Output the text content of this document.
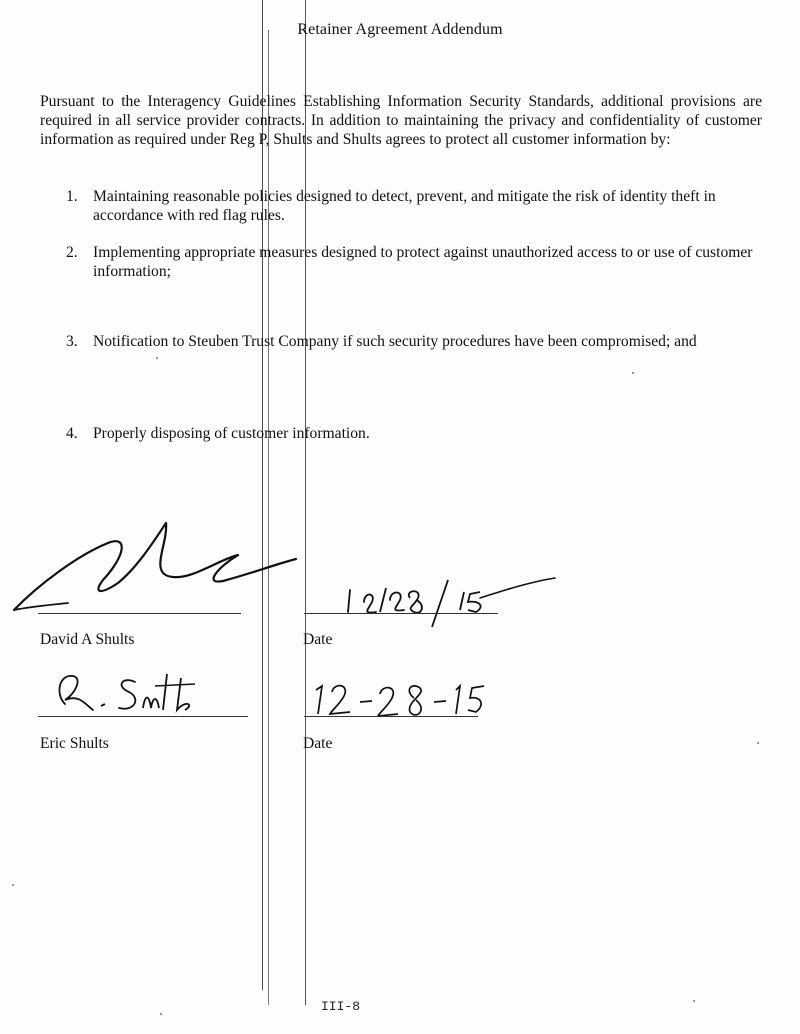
Retainer Agreement Addendum
Pursuant to the Interagency Guidelines Establishing Information Security Standards, additional provisions are required in all service provider contracts. In addition to maintaining the privacy and confidentiality of customer information as required under Reg P, Shults and Shults agrees to protect all customer information by:
1. Maintaining reasonable policies designed to detect, prevent, and mitigate the risk of identity theft in accordance with red flag rules.
2. Implementing appropriate measures designed to protect against unauthorized access to or use of customer information;
3. Notification to Steuben Trust Company if such security procedures have been compromised; and
4. Properly disposing of customer information.
David A Shults	Date
Eric Shults	Date
III-8
